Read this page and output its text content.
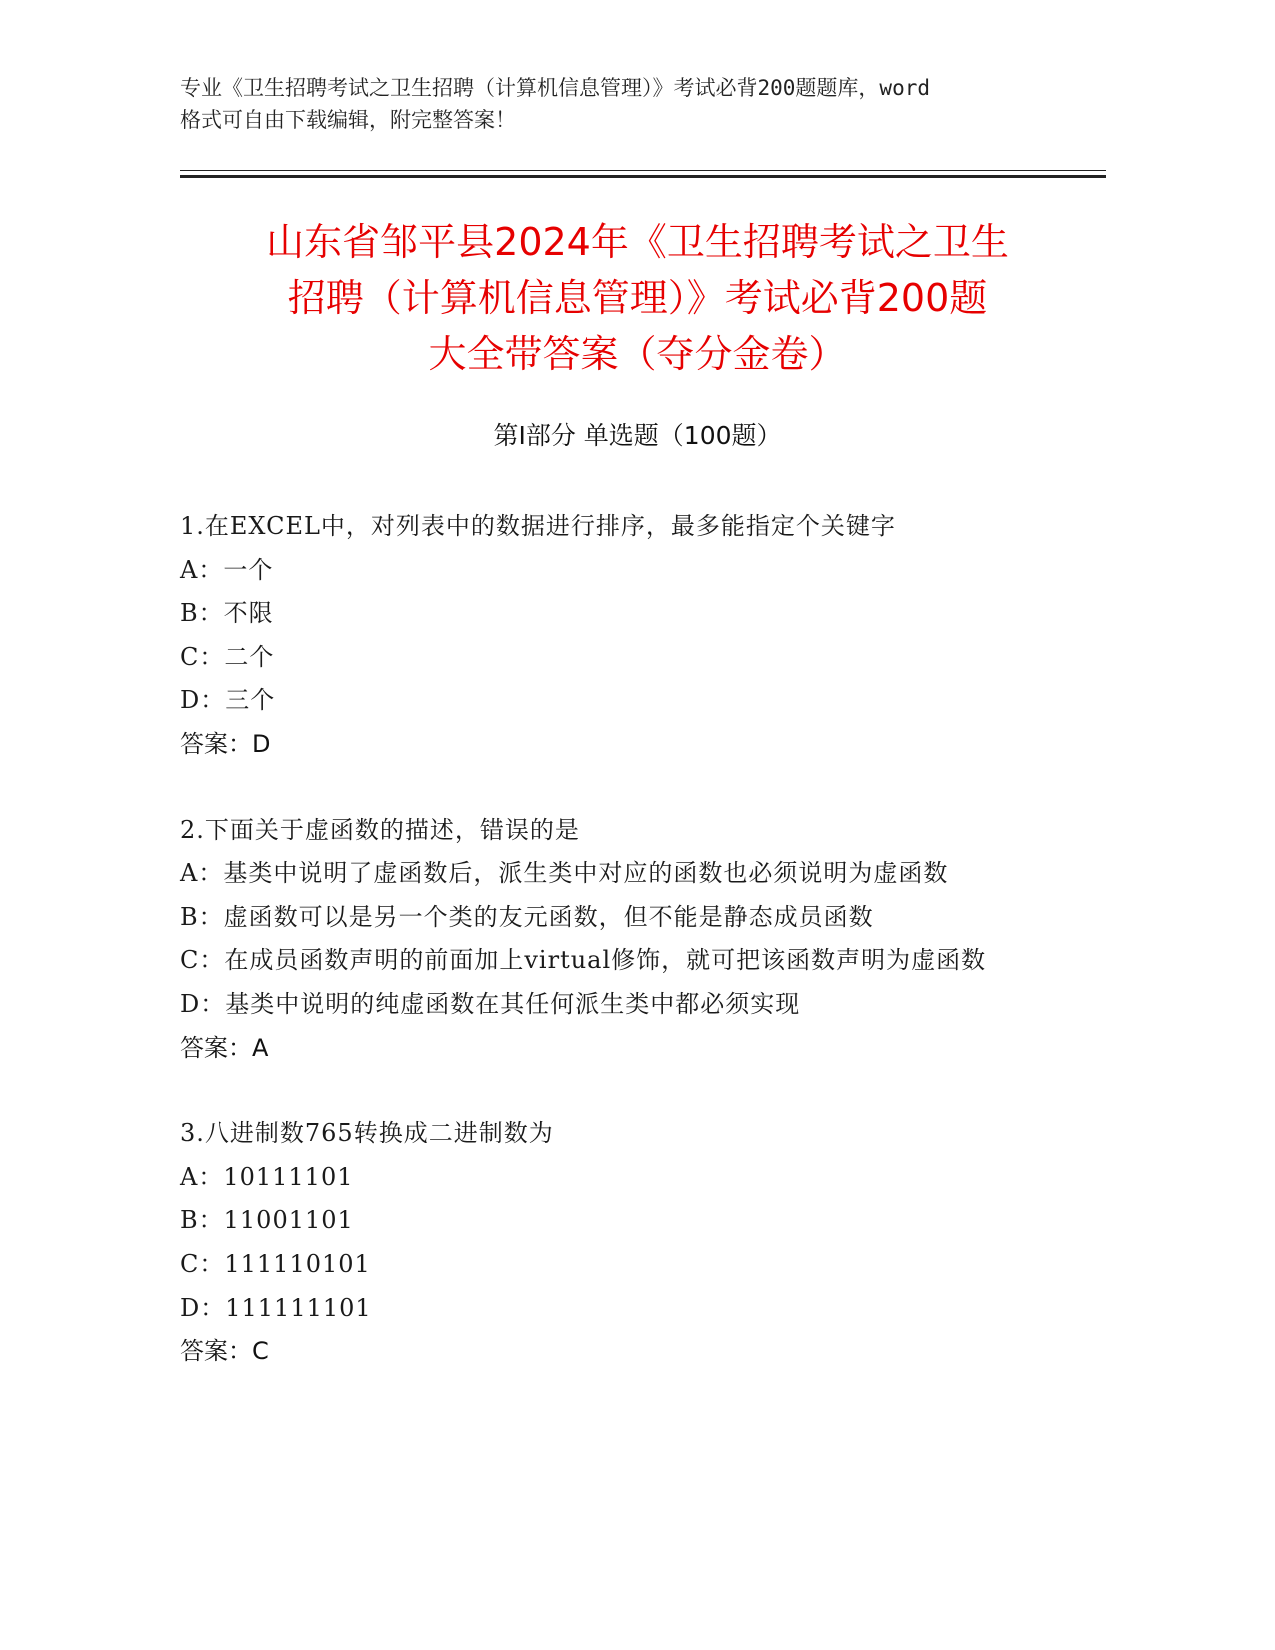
专业《卫生招聘考试之卫生招聘（计算机信息管理）》考试必背200题题库，word
格式可自由下载编辑，附完整答案！

山东省邹平县2024年《卫生招聘考试之卫生
招聘（计算机信息管理）》考试必背200题
大全带答案（夺分金卷）
第Ⅰ部分 单选题（100题）

1.在EXCEL中，对列表中的数据进行排序，最多能指定个关键字

A：一个

B：不限

C：二个

D：三个

答案：D

2.下面关于虚函数的描述，错误的是

A：基类中说明了虚函数后，派生类中对应的函数也必须说明为虚函数

B：虚函数可以是另一个类的友元函数，但不能是静态成员函数

C：在成员函数声明的前面加上virtual修饰，就可把该函数声明为虚函数

D：基类中说明的纯虚函数在其任何派生类中都必须实现

答案：A

3.八进制数765转换成二进制数为

A：10111101

B：11001101

C：111110101

D：111111101

答案：C
